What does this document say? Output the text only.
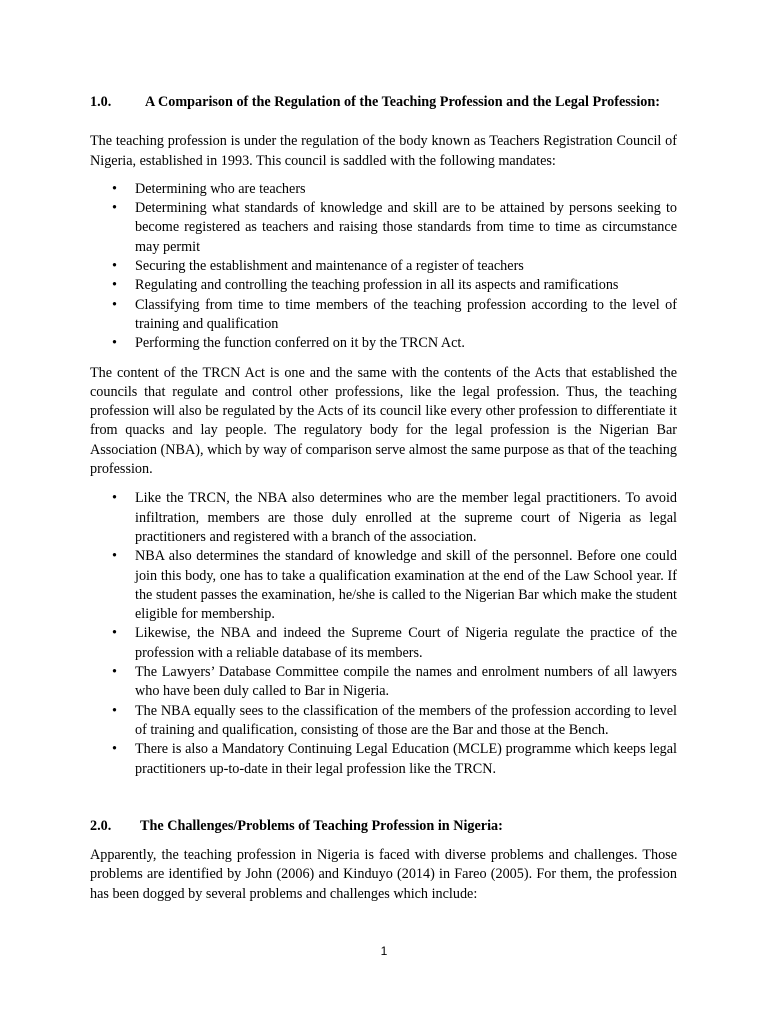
1.0. A Comparison of the Regulation of the Teaching Profession and the Legal Profession:

The teaching profession is under the regulation of the body known as Teachers Registration Council of Nigeria, established in 1993. This council is saddled with the following mandates:

• Determining who are teachers
• Determining what standards of knowledge and skill are to be attained by persons seeking to become registered as teachers and raising those standards from time to time as circumstance may permit
• Securing the establishment and maintenance of a register of teachers
• Regulating and controlling the teaching profession in all its aspects and ramifications
• Classifying from time to time members of the teaching profession according to the level of training and qualification
• Performing the function conferred on it by the TRCN Act.

The content of the TRCN Act is one and the same with the contents of the Acts that established the councils that regulate and control other professions, like the legal profession. Thus, the teaching profession will also be regulated by the Acts of its council like every other profession to differentiate it from quacks and lay people. The regulatory body for the legal profession is the Nigerian Bar Association (NBA), which by way of comparison serve almost the same purpose as that of the teaching profession.

• Like the TRCN, the NBA also determines who are the member legal practitioners. To avoid infiltration, members are those duly enrolled at the supreme court of Nigeria as legal practitioners and registered with a branch of the association.
• NBA also determines the standard of knowledge and skill of the personnel. Before one could join this body, one has to take a qualification examination at the end of the Law School year. If the student passes the examination, he/she is called to the Nigerian Bar which make the student eligible for membership.
• Likewise, the NBA and indeed the Supreme Court of Nigeria regulate the practice of the profession with a reliable database of its members.
• The Lawyers’ Database Committee compile the names and enrolment numbers of all lawyers who have been duly called to Bar in Nigeria.
• The NBA equally sees to the classification of the members of the profession according to level of training and qualification, consisting of those are the Bar and those at the Bench.
• There is also a Mandatory Continuing Legal Education (MCLE) programme which keeps legal practitioners up-to-date in their legal profession like the TRCN.

2.0. The Challenges/Problems of Teaching Profession in Nigeria:

Apparently, the teaching profession in Nigeria is faced with diverse problems and challenges. Those problems are identified by John (2006) and Kinduyo (2014) in Fareo (2005). For them, the profession has been dogged by several problems and challenges which include:

1
